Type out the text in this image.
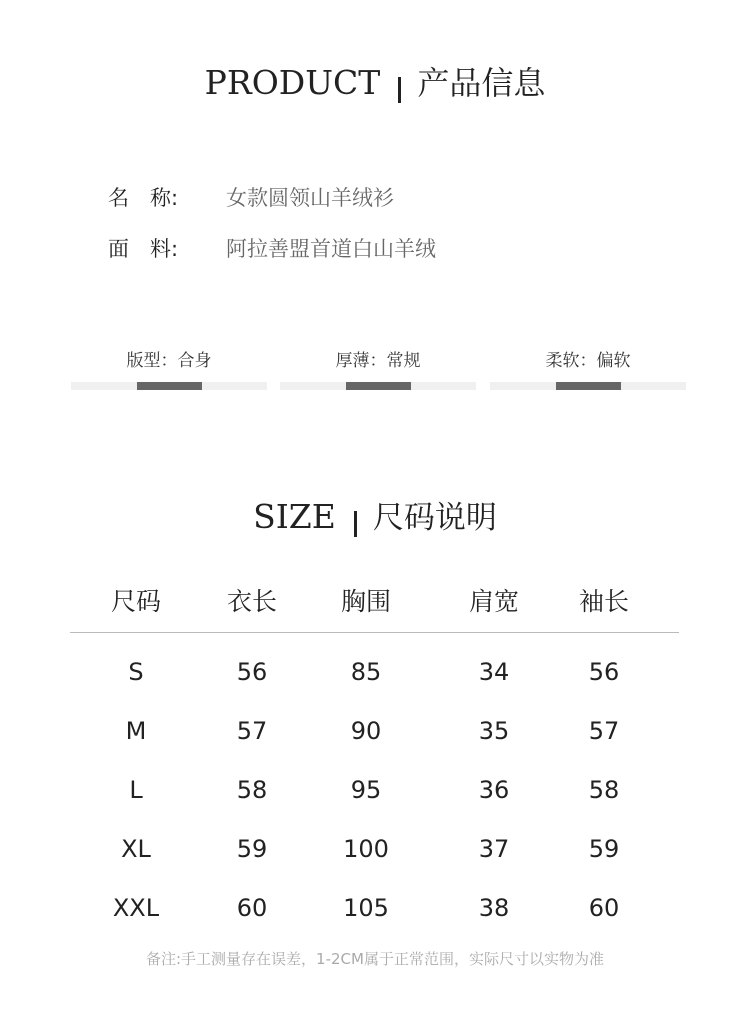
PRODUCT 产品信息
名　称: 女款圆领山羊绒衫
面　料: 阿拉善盟首道白山羊绒
版型：合身	厚薄：常规	柔软：偏软
SIZE 尺码说明
尺码	衣长	胸围	肩宽	袖长
S	56	85	34	56
M	57	90	35	57
L	58	95	36	58
XL	59	100	37	59
XXL	60	105	38	60
备注:手工测量存在误差，1-2CM属于正常范围，实际尺寸以实物为准
